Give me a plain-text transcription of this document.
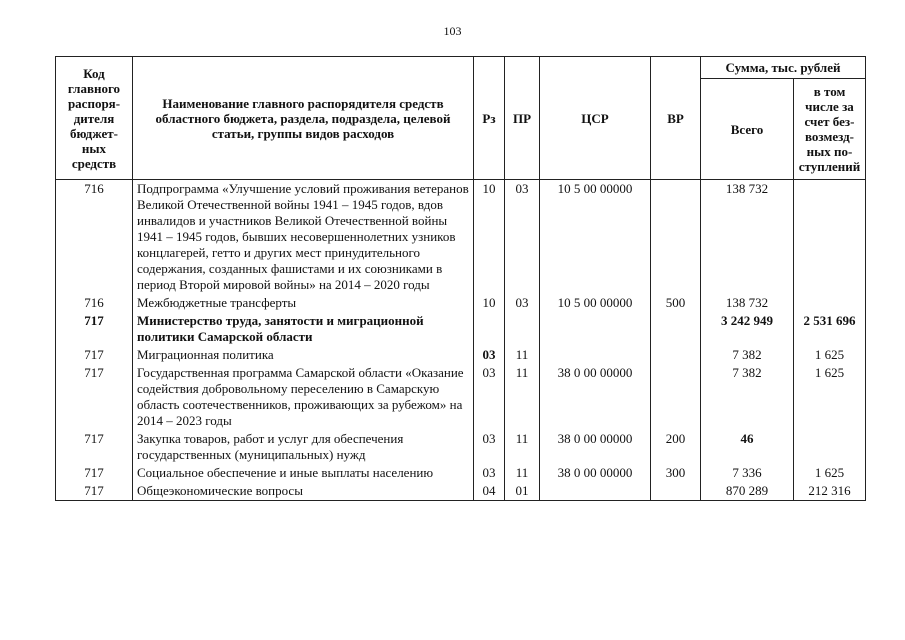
103
Код главного распоря-дителя бюджет-ных средств	Наименование главного распорядителя средств областного бюджета, раздела, подраздела, целевой статьи, группы видов расходов	Рз	ПР	ЦСР	ВР	Сумма, тыс. рублей	
						Всего	в том числе за счет без-возмезд-ных по-ступлений
716	Подпрограмма «Улучшение условий проживания ветеранов Великой Отечественной войны 1941 – 1945 годов, вдов инвалидов и участников Великой Отечественной войны 1941 – 1945 годов, бывших несовершеннолетних узников концлагерей, гетто и других мест принудительного содержания, созданных фашистами и их союзниками в период Второй мировой войны» на 2014 – 2020 годы	10	03	10 5 00 00000		138 732	
716	Межбюджетные трансферты	10	03	10 5 00 00000	500	138 732	
717	Министерство труда, занятости и миграционной политики Самарской области					3 242 949	2 531 696
717	Миграционная политика	03	11			7 382	1 625
717	Государственная программа Самарской области «Оказание содействия добровольному переселению в Самарскую область соотечественников, проживающих за рубежом» на 2014 – 2023 годы	03	11	38 0 00 00000		7 382	1 625
717	Закупка товаров, работ и услуг для обеспечения государственных (муниципальных) нужд	03	11	38 0 00 00000	200	46	
717	Социальное обеспечение и иные выплаты населению	03	11	38 0 00 00000	300	7 336	1 625
717	Общеэкономические вопросы	04	01			870 289	212 316
